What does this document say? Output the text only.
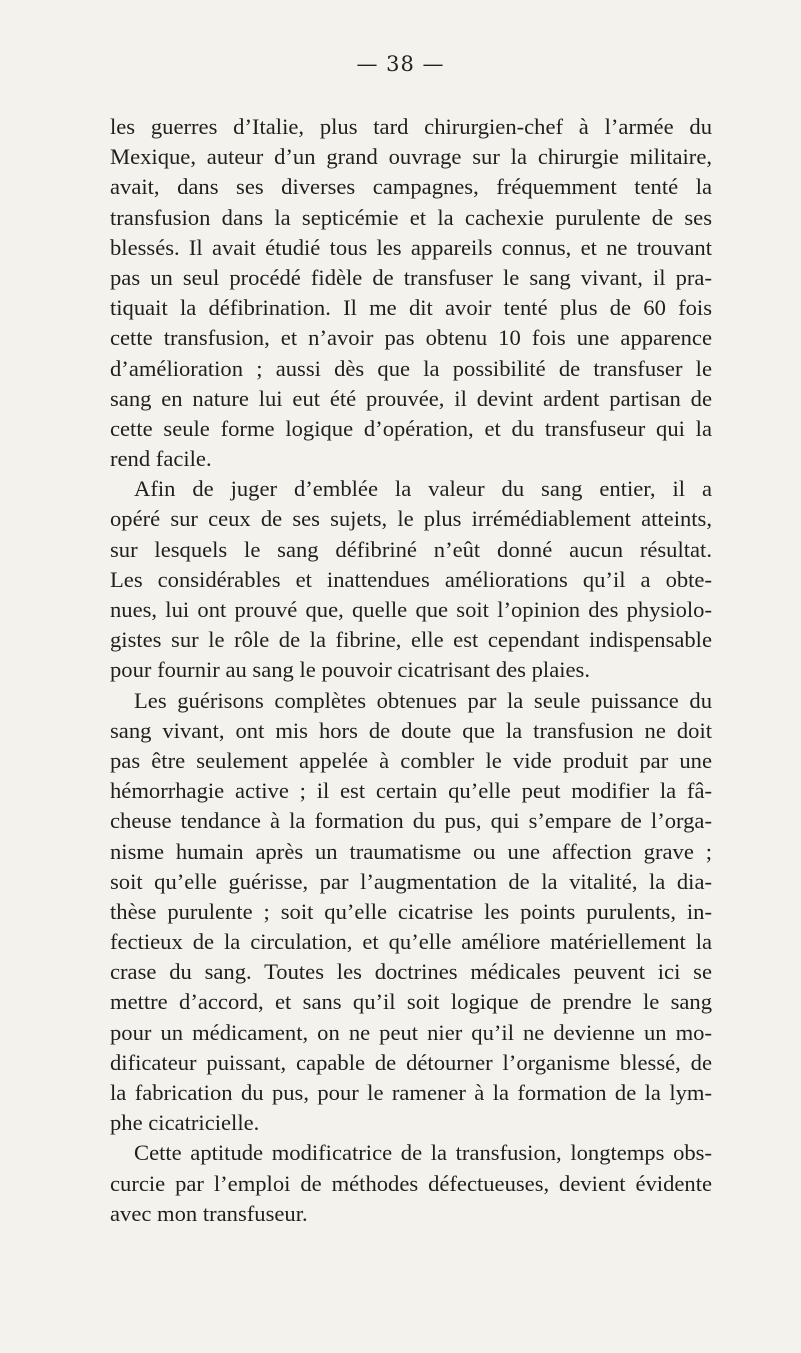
— 38 —
les guerres d’Italie, plus tard chirurgien-chef à l’armée du
Mexique, auteur d’un grand ouvrage sur la chirurgie militaire,
avait, dans ses diverses campagnes, fréquemment tenté la
transfusion dans la septicémie et la cachexie purulente de ses
blessés. Il avait étudié tous les appareils connus, et ne trouvant
pas un seul procédé fidèle de transfuser le sang vivant, il pra-
tiquait la défibrination. Il me dit avoir tenté plus de 60 fois
cette transfusion, et n’avoir pas obtenu 10 fois une apparence
d’amélioration ; aussi dès que la possibilité de transfuser le
sang en nature lui eut été prouvée, il devint ardent partisan de
cette seule forme logique d’opération, et du transfuseur qui la
rend facile.
Afin de juger d’emblée la valeur du sang entier, il a
opéré sur ceux de ses sujets, le plus irrémédiablement atteints,
sur lesquels le sang défibriné n’eût donné aucun résultat.
Les considérables et inattendues améliorations qu’il a obte-
nues, lui ont prouvé que, quelle que soit l’opinion des physiolo-
gistes sur le rôle de la fibrine, elle est cependant indispensable
pour fournir au sang le pouvoir cicatrisant des plaies.
Les guérisons complètes obtenues par la seule puissance du
sang vivant, ont mis hors de doute que la transfusion ne doit
pas être seulement appelée à combler le vide produit par une
hémorrhagie active ; il est certain qu’elle peut modifier la fâ-
cheuse tendance à la formation du pus, qui s’empare de l’orga-
nisme humain après un traumatisme ou une affection grave ;
soit qu’elle guérisse, par l’augmentation de la vitalité, la dia-
thèse purulente ; soit qu’elle cicatrise les points purulents, in-
fectieux de la circulation, et qu’elle améliore matériellement la
crase du sang. Toutes les doctrines médicales peuvent ici se
mettre d’accord, et sans qu’il soit logique de prendre le sang
pour un médicament, on ne peut nier qu’il ne devienne un mo-
dificateur puissant, capable de détourner l’organisme blessé, de
la fabrication du pus, pour le ramener à la formation de la lym-
phe cicatricielle.
Cette aptitude modificatrice de la transfusion, longtemps obs-
curcie par l’emploi de méthodes défectueuses, devient évidente
avec mon transfuseur.
